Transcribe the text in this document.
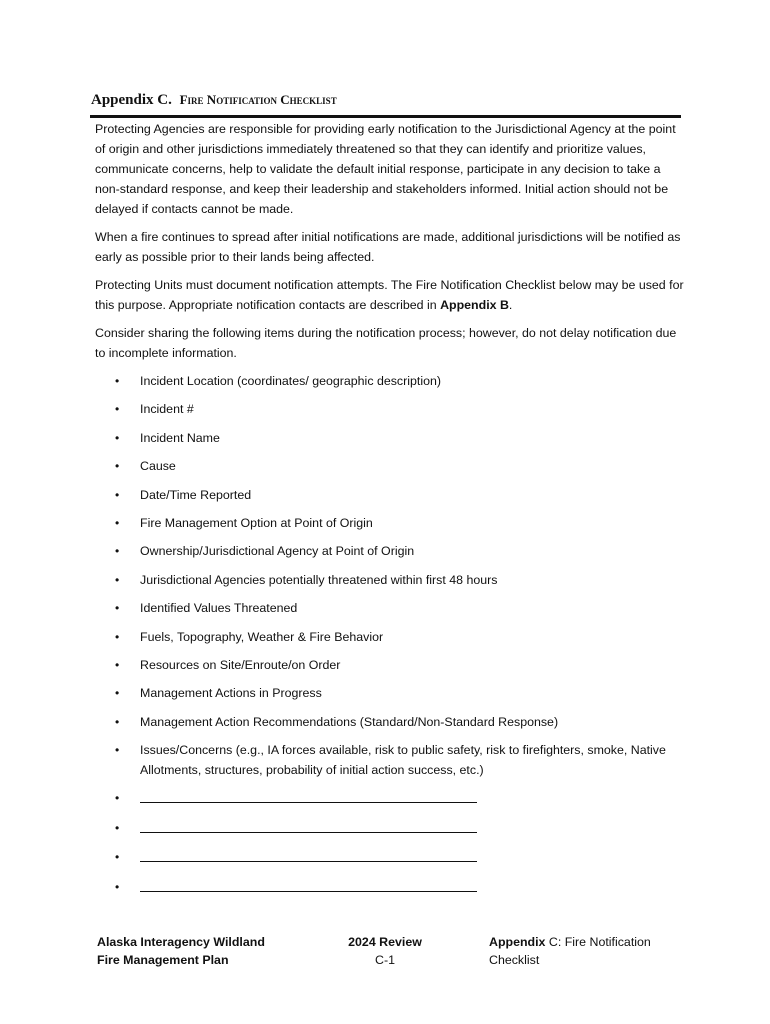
Appendix C. Fire Notification Checklist

Protecting Agencies are responsible for providing early notification to the Jurisdictional Agency at the point of origin and other jurisdictions immediately threatened so that they can identify and prioritize values, communicate concerns, help to validate the default initial response, participate in any decision to take a non-standard response, and keep their leadership and stakeholders informed. Initial action should not be delayed if contacts cannot be made.

When a fire continues to spread after initial notifications are made, additional jurisdictions will be notified as early as possible prior to their lands being affected.

Protecting Units must document notification attempts. The Fire Notification Checklist below may be used for this purpose. Appropriate notification contacts are described in Appendix B.

Consider sharing the following items during the notification process; however, do not delay notification due to incomplete information.

• Incident Location (coordinates/ geographic description)
• Incident #
• Incident Name
• Cause
• Date/Time Reported
• Fire Management Option at Point of Origin
• Ownership/Jurisdictional Agency at Point of Origin
• Jurisdictional Agencies potentially threatened within first 48 hours
• Identified Values Threatened
• Fuels, Topography, Weather & Fire Behavior
• Resources on Site/Enroute/on Order
• Management Actions in Progress
• Management Action Recommendations (Standard/Non-Standard Response)
• Issues/Concerns (e.g., IA forces available, risk to public safety, risk to firefighters, smoke, Native Allotments, structures, probability of initial action success, etc.)
•
•
•
•
Alaska Interagency Wildland
Fire Management Plan
2024 Review
C-1
Appendix C: Fire Notification
Checklist
